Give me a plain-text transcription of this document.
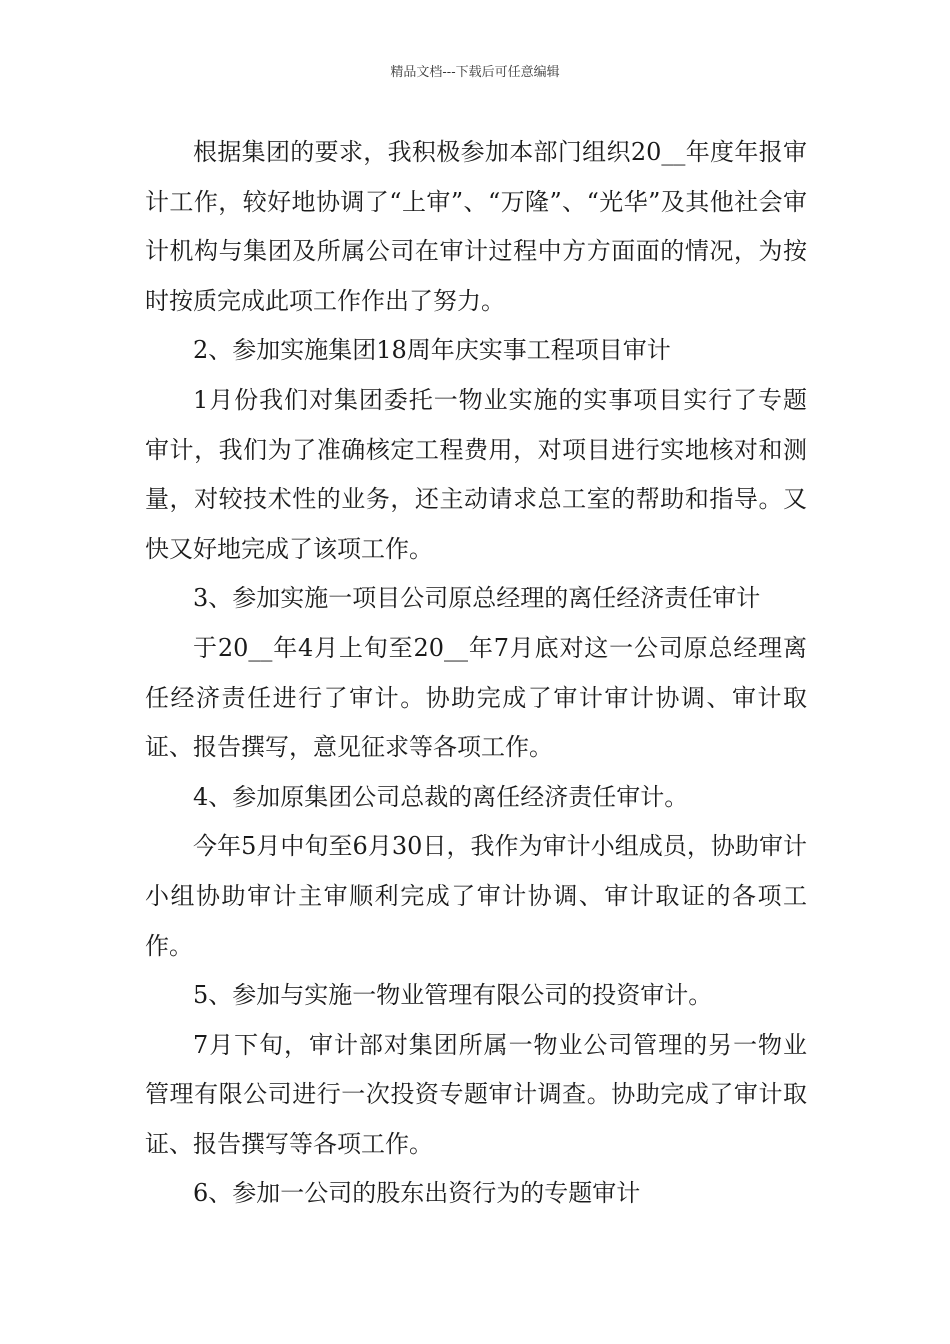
精品文档---下载后可任意编辑

根据集团的要求，我积极参加本部门组织20__年度年报审计工作，较好地协调了“上审”、“万隆”、“光华”及其他社会审计机构与集团及所属公司在审计过程中方方面面的情况，为按时按质完成此项工作作出了努力。

2、参加实施集团18周年庆实事工程项目审计

1月份我们对集团委托一物业实施的实事项目实行了专题审计，我们为了准确核定工程费用，对项目进行实地核对和测量，对较技术性的业务，还主动请求总工室的帮助和指导。又快又好地完成了该项工作。

3、参加实施一项目公司原总经理的离任经济责任审计

于20__年4月上旬至20__年7月底对这一公司原总经理离任经济责任进行了审计。协助完成了审计审计协调、审计取证、报告撰写，意见征求等各项工作。

4、参加原集团公司总裁的离任经济责任审计。

今年5月中旬至6月30日，我作为审计小组成员，协助审计小组协助审计主审顺利完成了审计协调、审计取证的各项工作。

5、参加与实施一物业管理有限公司的投资审计。

7月下旬，审计部对集团所属一物业公司管理的另一物业管理有限公司进行一次投资专题审计调查。协助完成了审计取证、报告撰写等各项工作。

6、参加一公司的股东出资行为的专题审计
